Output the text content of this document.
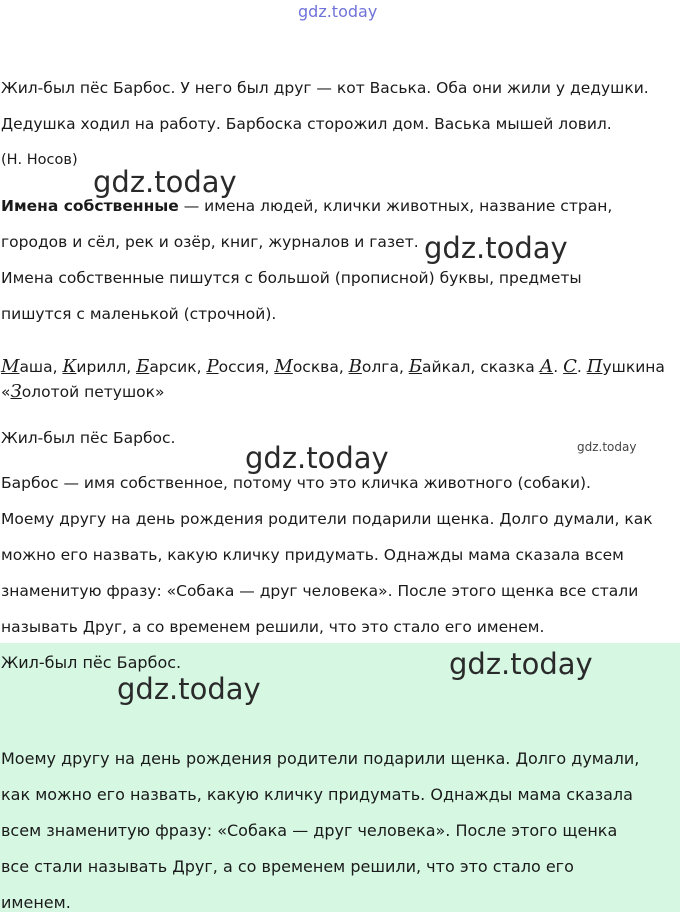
gdz.today
gdz.today
gdz.today
gdz.today
gdz.today
Жил-был пёс Барбос. У него был друг — кот Васька. Оба они жили у дедушки.
Дедушка ходил на работу. Барбоска сторожил дом. Васька мышей ловил.
(Н. Носов)
Имена собственные — имена людей, клички животных, название стран,
городов и сёл, рек и озёр, книг, журналов и газет.
Имена собственные пишутся с большой (прописной) буквы, предметы
пишутся с маленькой (строчной).
Маша, Кирилл, Барсик, Россия, Москва, Волга, Байкал, сказка А. С. Пушкина
«Золотой петушок»
Жил-был пёс Барбос.
Барбос — имя собственное, потому что это кличка животного (собаки).
Моему другу на день рождения родители подарили щенка. Долго думали, как
можно его назвать, какую кличку придумать. Однажды мама сказала всем
знаменитую фразу: «Собака — друг человека». После этого щенка все стали
называть Друг, а со временем решили, что это стало его именем.
Жил-был пёс Барбос.
Моему другу на день рождения родители подарили щенка. Долго думали,
как можно его назвать, какую кличку придумать. Однажды мама сказала
всем знаменитую фразу: «Собака — друг человека». После этого щенка
все стали называть Друг, а со временем решили, что это стало его
именем.
gdz.today
gdz.today
